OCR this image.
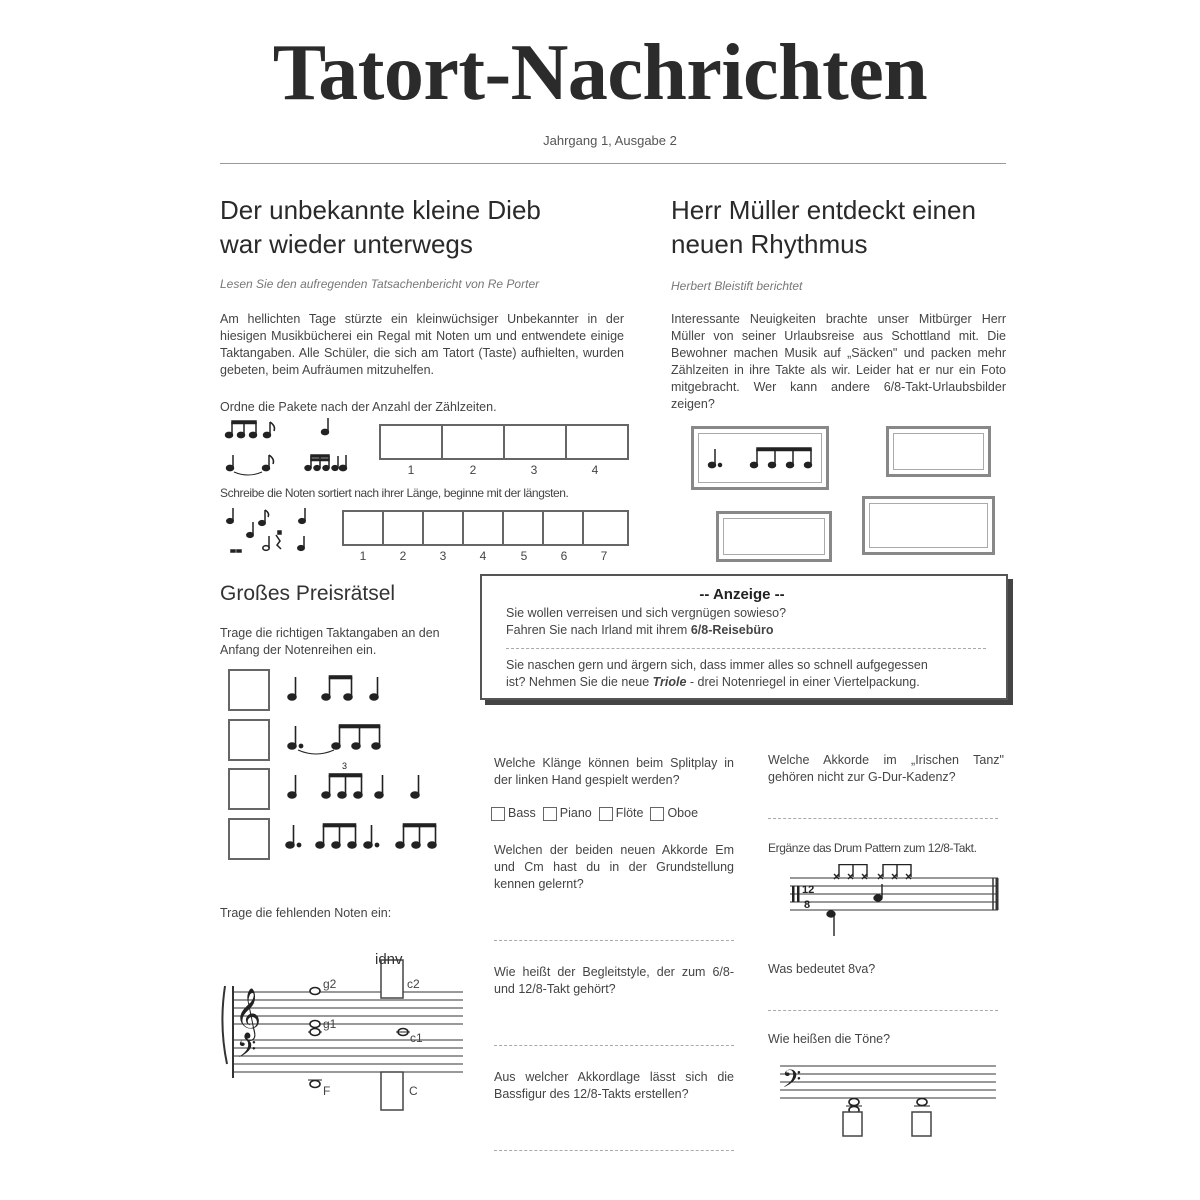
Tatort-Nachrichten
Jahrgang 1, Ausgabe 2
Der unbekannte kleine Dieb
war wieder unterwegs
Lesen Sie den aufregenden Tatsachenbericht von Re Porter
Am hellichten Tage stürzte ein kleinwüchsiger Unbekannter in der hiesigen Musikbücherei ein Regal mit Noten um und entwendete einige Taktangaben. Alle Schüler, die sich am Tatort (Taste) aufhielten, wurden gebeten, beim Aufräumen mitzuhelfen.
Ordne die Pakete nach der Anzahl der Zählzeiten.
1	2	3	4
Schreibe die Noten sortiert nach ihrer Länge, beginne mit der längsten.
1	2	3	4	5	6	7
Herr Müller entdeckt einen
neuen Rhythmus
Herbert Bleistift berichtet
Interessante Neuigkeiten brachte unser Mitbürger Herr Müller von seiner Urlaubsreise aus Schottland mit. Die Bewohner machen Musik auf „Säcken" und packen mehr Zählzeiten in ihre Takte als wir. Leider hat er nur ein Foto mitgebracht. Wer kann andere 6/8-Takt-Urlaubsbilder zeigen?
Großes Preisrätsel
Trage die richtigen Taktangaben an den Anfang der Notenreihen ein.
3
Trage die fehlenden Noten ein:
𝄞
𝄢
g2	c2
g1
c1
F	C
idnv
-- Anzeige --
Sie wollen verreisen und sich vergnügen sowieso?
Fahren Sie nach Irland mit ihrem 6/8-Reisebüro
Sie naschen gern und ärgern sich, dass immer alles so schnell aufgegessen
ist? Nehmen Sie die neue Triole - drei Notenriegel in einer Viertelpackung.
Welche Klänge können beim Splitplay in der linken Hand gespielt werden?
Bass Piano Flöte Oboe
Welchen der beiden neuen Akkorde Em und Cm hast du in der Grundstellung kennen gelernt?
Wie heißt der Begleitstyle, der zum 6/8- und 12/8-Takt gehört?
Aus welcher Akkordlage lässt sich die Bassfigur des 12/8-Takts erstellen?
Welche Akkorde im „Irischen Tanz" gehören nicht zur G-Dur-Kadenz?
Ergänze das Drum Pattern zum 12/8-Takt.
12
8
Was bedeutet 8va?
Wie heißen die Töne?
𝄢
